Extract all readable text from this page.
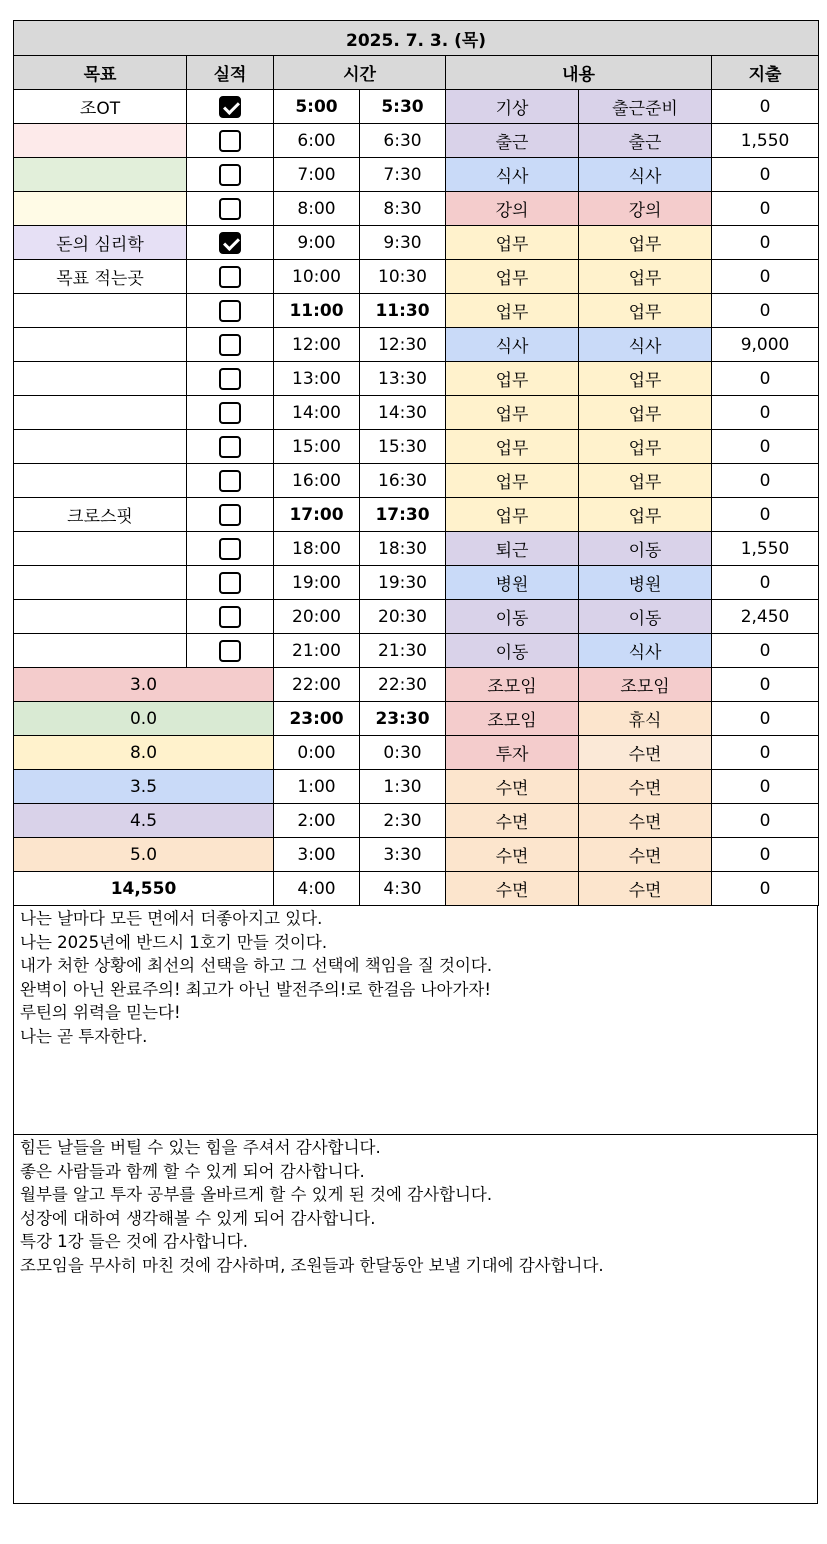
2025. 7. 3. (목)						
목표	실적	시간		내용		지출
조OT		5:00	5:30	기상	출근준비	0
		6:00	6:30	출근	출근	1,550
		7:00	7:30	식사	식사	0
		8:00	8:30	강의	강의	0
돈의 심리학		9:00	9:30	업무	업무	0
목표 적는곳		10:00	10:30	업무	업무	0
		11:00	11:30	업무	업무	0
		12:00	12:30	식사	식사	9,000
		13:00	13:30	업무	업무	0
		14:00	14:30	업무	업무	0
		15:00	15:30	업무	업무	0
		16:00	16:30	업무	업무	0
크로스핏		17:00	17:30	업무	업무	0
		18:00	18:30	퇴근	이동	1,550
		19:00	19:30	병원	병원	0
		20:00	20:30	이동	이동	2,450
		21:00	21:30	이동	식사	0
3.0		22:00	22:30	조모임	조모임	0
0.0		23:00	23:30	조모임	휴식	0
8.0		0:00	0:30	투자	수면	0
3.5		1:00	1:30	수면	수면	0
4.5		2:00	2:30	수면	수면	0
5.0		3:00	3:30	수면	수면	0
14,550		4:00	4:30	수면	수면	0
나는 날마다 모든 면에서 더좋아지고 있다.
나는 2025년에 반드시 1호기 만들 것이다.
내가 처한 상황에 최선의 선택을 하고 그 선택에 책임을 질 것이다.
완벽이 아닌 완료주의! 최고가 아닌 발전주의!로 한걸음 나아가자!
루틴의 위력을 믿는다!
나는 곧 투자한다.
힘든 날들을 버틸 수 있는 힘을 주셔서 감사합니다.
좋은 사람들과 함께 할 수 있게 되어 감사합니다.
월부를 알고 투자 공부를 올바르게 할 수 있게 된 것에 감사합니다.
성장에 대하여 생각해볼 수 있게 되어 감사합니다.
특강 1강 들은 것에 감사합니다.
조모임을 무사히 마친 것에 감사하며, 조원들과 한달동안 보낼 기대에 감사합니다.
